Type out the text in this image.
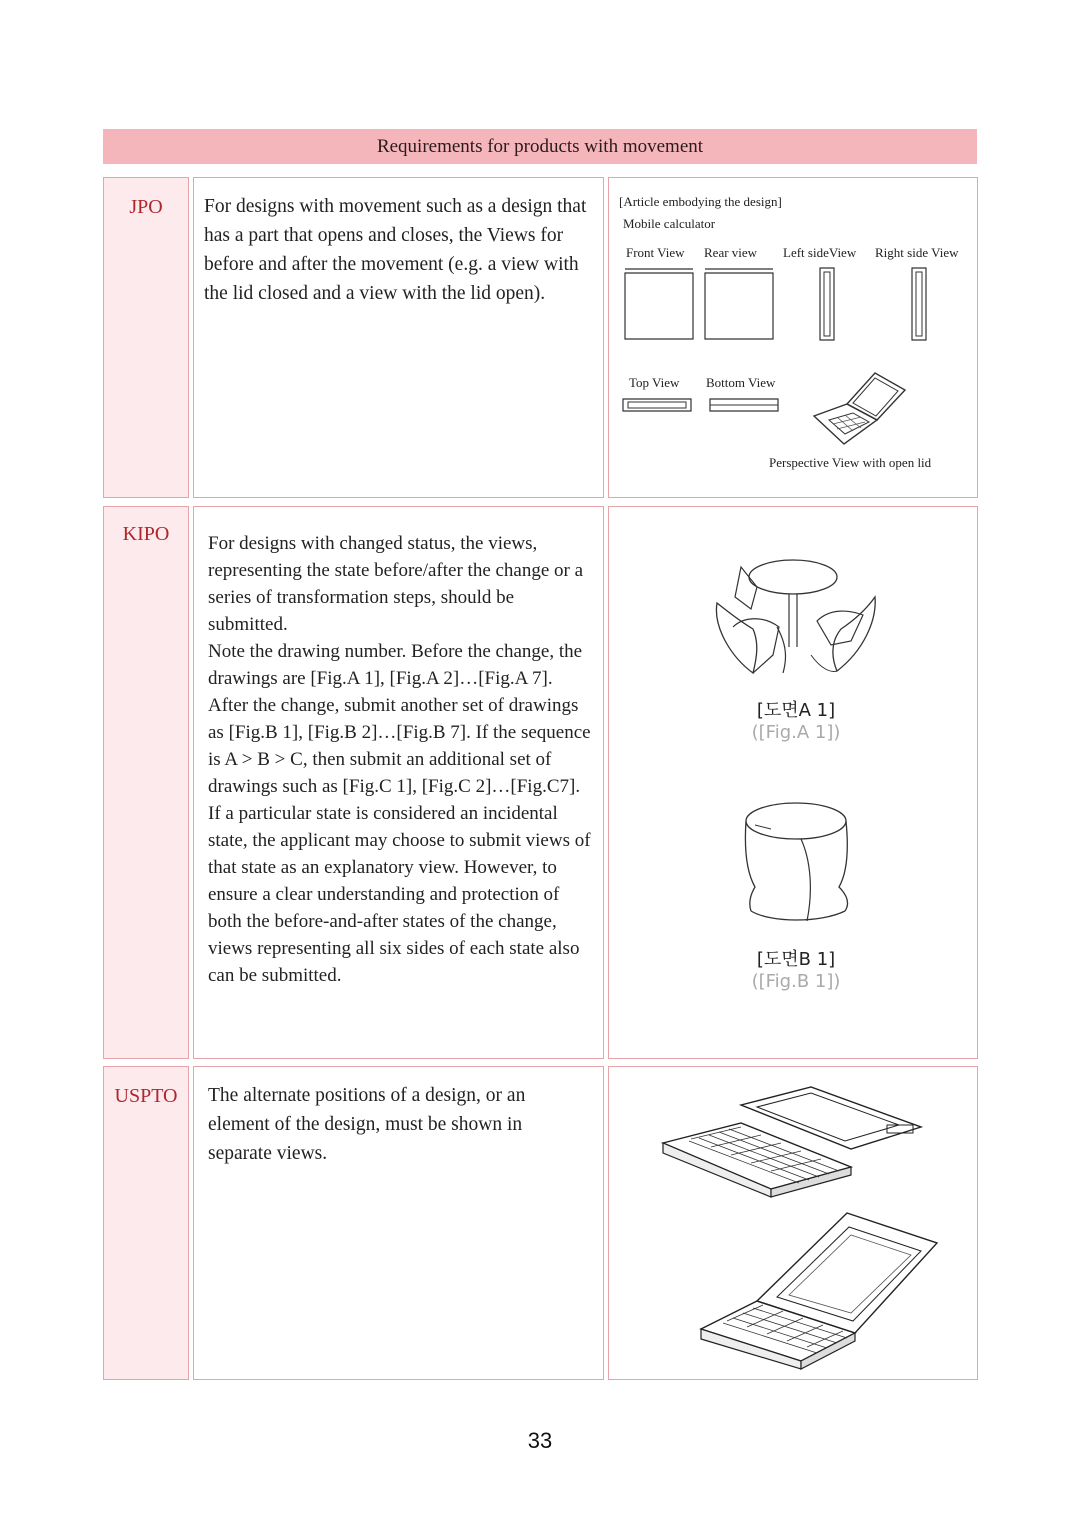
Requirements for products with movement
JPO	For designs with movement such as a design that has a part that opens and closes, the Views for before and after the movement (e.g. a view with the lid closed and a view with the lid open).
[Article embodying the design]
Mobile calculator
Front View Rear view Left sideView Right side View
Top View Bottom View
Perspective View with open lid
KIPO	For designs with changed status, the views, representing the state before/after the change or a series of transformation steps, should be submitted.
Note the drawing number. Before the change, the drawings are [Fig.A 1], [Fig.A 2]…[Fig.A 7]. After the change, submit another set of drawings as [Fig.B 1], [Fig.B 2]…[Fig.B 7]. If the sequence is A > B > C, then submit an additional set of drawings such as [Fig.C 1], [Fig.C 2]…[Fig.C7].
If a particular state is considered an incidental state, the applicant may choose to submit views of that state as an explanatory view. However, to ensure a clear understanding and protection of both the before-and-after states of the change, views representing all six sides of each state also can be submitted.
[도면A 1]
([Fig.A 1])
[도면B 1]
([Fig.B 1])
USPTO	The alternate positions of a design, or an element of the design, must be shown in separate views.
33
